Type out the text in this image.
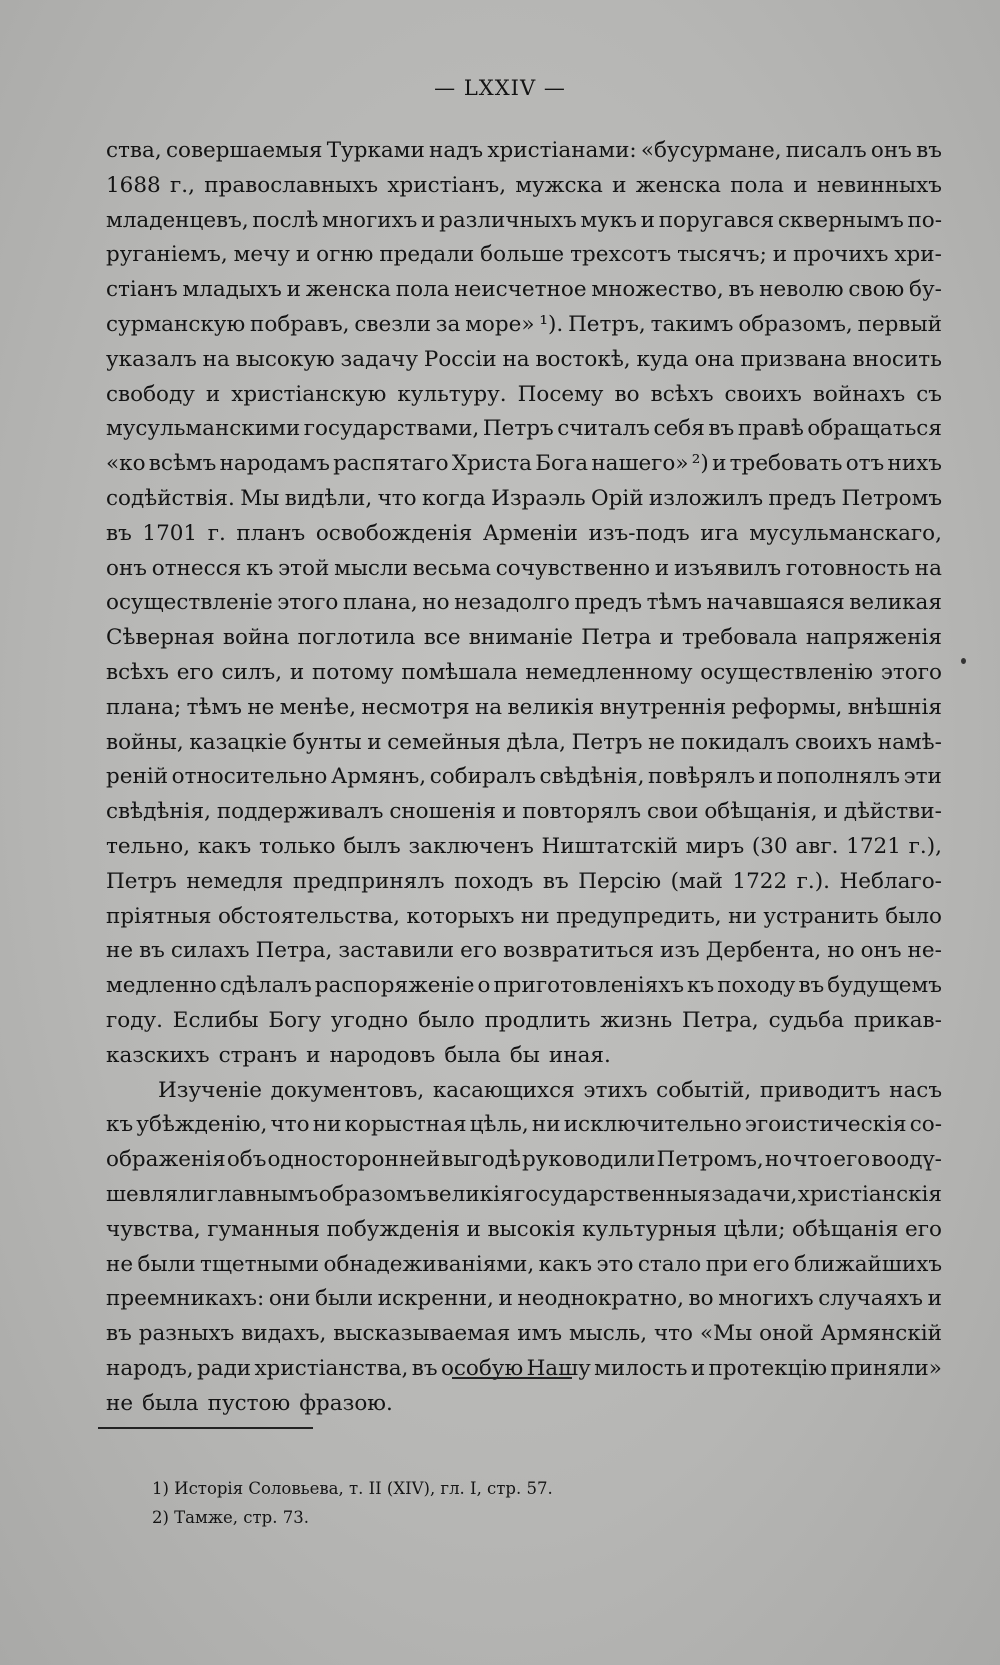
— LXXIV —
ства, совершаемыя Турками надъ христіанами: «бусурмане, писалъ онъ въ
1688 г., православныхъ христіанъ, мужска и женска пола и невинныхъ
младенцевъ, послѣ многихъ и различныхъ мукъ и поругався сквернымъ по-
руганіемъ, мечу и огню предали больше трехсотъ тысячъ; и прочихъ хри-
стіанъ младыхъ и женска пола неисчетное множество, въ неволю свою бу-
сурманскую побравъ, свезли за море» ¹). Петръ, такимъ образомъ, первый
указалъ на высокую задачу Россіи на востокѣ, куда она призвана вносить
свободу и христіанскую культуру. Посему во всѣхъ своихъ войнахъ съ
мусульманскими государствами, Петръ считалъ себя въ правѣ обращаться
«ко всѣмъ народамъ распятаго Христа Бога нашего» ²) и требовать отъ нихъ
содѣйствія. Мы видѣли, что когда Израэль Орій изложилъ предъ Петромъ
въ 1701 г. планъ освобожденія Арменіи изъ-подъ ига мусульманскаго,
онъ отнесся къ этой мысли весьма сочувственно и изъявилъ готовность на
осуществленіе этого плана, но незадолго предъ тѣмъ начавшаяся великая
Сѣверная война поглотила все вниманіе Петра и требовала напряженія
всѣхъ его силъ, и потому помѣшала немедленному осуществленію этого
плана; тѣмъ не менѣе, несмотря на великія внутреннія реформы, внѣшнія
войны, казацкіе бунты и семейныя дѣла, Петръ не покидалъ своихъ намѣ-
реній относительно Армянъ, собиралъ свѣдѣнія, повѣрялъ и пополнялъ эти
свѣдѣнія, поддерживалъ сношенія и повторялъ свои обѣщанія, и дѣйстви-
тельно, какъ только былъ заключенъ Ништатскій миръ (30 авг. 1721 г.),
Петръ немедля предпринялъ походъ въ Персію (май 1722 г.). Неблаго-
пріятныя обстоятельства, которыхъ ни предупредить, ни устранить было
не въ силахъ Петра, заставили его возвратиться изъ Дербента, но онъ не-
медленно сдѣлалъ распоряженіе о приготовленіяхъ къ походу въ будущемъ
году. Еслибы Богу угодно было продлить жизнь Петра, судьба прикав-
казскихъ странъ и народовъ была бы иная.
Изученіе документовъ, касающихся этихъ событій, приводитъ насъ
къ убѣжденію, что ни корыстная цѣль, ни исключительно эгоистическія со-
ображенія объ односторонней выгодѣ руководили Петромъ, но что его воодү-
шевляли главнымъ образомъ великія государственныя задачи, христіанскія
чувства, гуманныя побужденія и высокія культурныя цѣли; обѣщанія его
не были тщетными обнадеживаніями, какъ это стало при его ближайшихъ
преемникахъ: они были искренни, и неоднократно, во многихъ случаяхъ и
въ разныхъ видахъ, высказываемая имъ мысль, что «Мы оной Армянскій
народъ, ради христіанства, въ особую Нашу милость и протекцію приняли»
не была пустою фразою.
1) Исторія Соловьева, т. II (XIV), гл. I, стр. 57.
2) Тамже, стр. 73.
